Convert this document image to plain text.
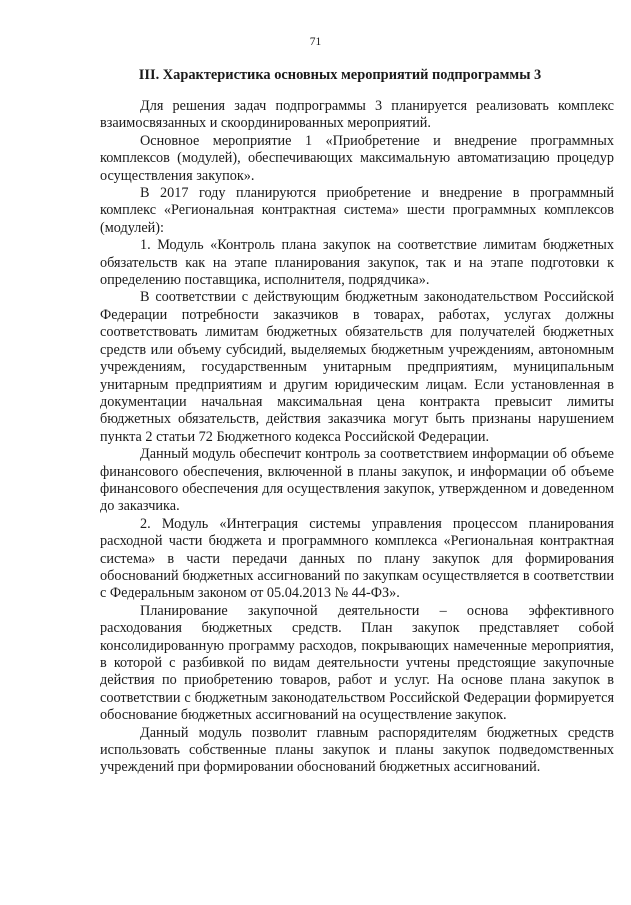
71
III. Характеристика основных мероприятий подпрограммы 3

Для решения задач подпрограммы 3 планируется реализовать комплекс взаимосвязанных и скоординированных мероприятий.

Основное мероприятие 1 «Приобретение и внедрение программных комплексов (модулей), обеспечивающих максимальную автоматизацию процедур осуществления закупок».

В 2017 году планируются приобретение и внедрение в программный комплекс «Региональная контрактная система» шести программных комплексов (модулей):

1. Модуль «Контроль плана закупок на соответствие лимитам бюджетных обязательств как на этапе планирования закупок, так и на этапе подготовки к определению поставщика, исполнителя, подрядчика».

В соответствии с действующим бюджетным законодательством Российской Федерации потребности заказчиков в товарах, работах, услугах должны соответствовать лимитам бюджетных обязательств для получателей бюджетных средств или объему субсидий, выделяемых бюджетным учреждениям, автономным учреждениям, государственным унитарным предприятиям, муниципальным унитарным предприятиям и другим юридическим лицам. Если установленная в документации начальная максимальная цена контракта превысит лимиты бюджетных обязательств, действия заказчика могут быть признаны нарушением пункта 2 статьи 72 Бюджетного кодекса Российской Федерации.

Данный модуль обеспечит контроль за соответствием информации об объеме финансового обеспечения, включенной в планы закупок, и информации об объеме финансового обеспечения для осуществления закупок, утвержденном и доведенном до заказчика.

2. Модуль «Интеграция системы управления процессом планирования расходной части бюджета и программного комплекса «Региональная контрактная система» в части передачи данных по плану закупок для формирования обоснований бюджетных ассигнований по закупкам осуществляется в соответствии с Федеральным законом от 05.04.2013 № 44-ФЗ».

Планирование закупочной деятельности – основа эффективного расходования бюджетных средств. План закупок представляет собой консолидированную программу расходов, покрывающих намеченные мероприятия, в которой с разбивкой по видам деятельности учтены предстоящие закупочные действия по приобретению товаров, работ и услуг. На основе плана закупок в соответствии с бюджетным законодательством Российской Федерации формируется обоснование бюджетных ассигнований на осуществление закупок.

Данный модуль позволит главным распорядителям бюджетных средств использовать собственные планы закупок и планы закупок подведомственных учреждений при формировании обоснований бюджетных ассигнований.
